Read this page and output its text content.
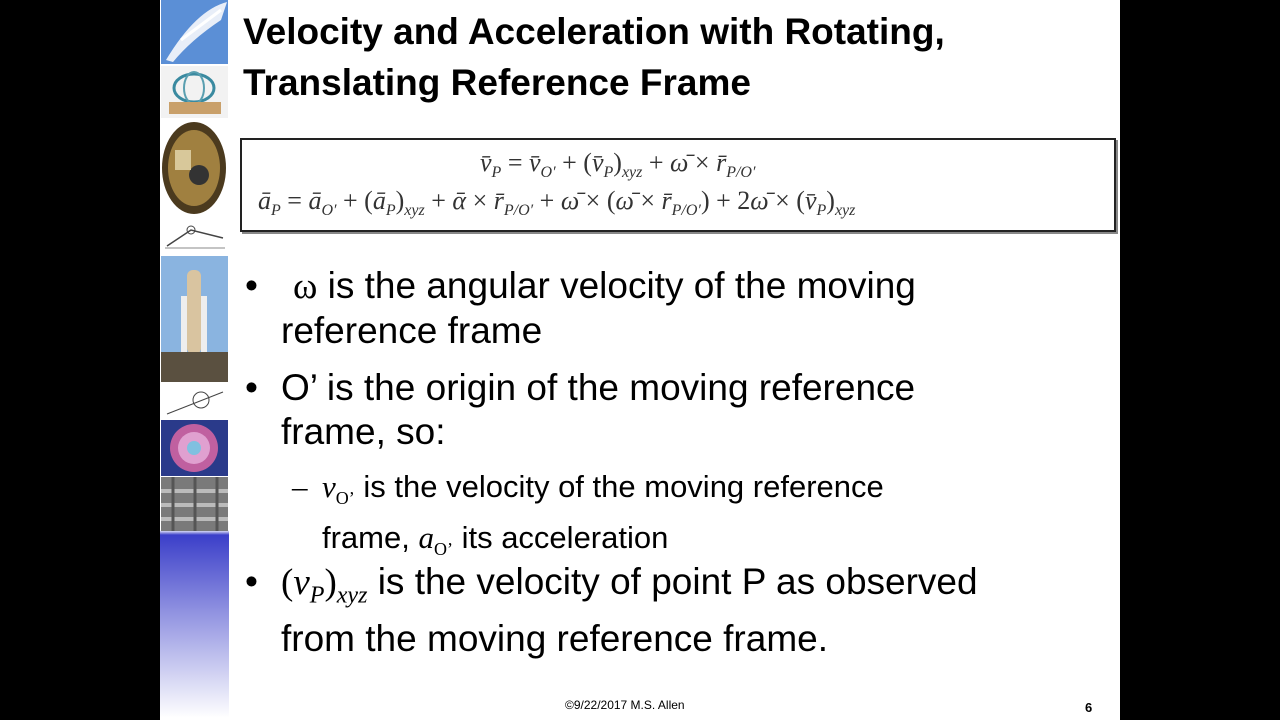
Velocity and Acceleration with Rotating,
Translating Reference Frame
$v̄_P$ = $v̄_{O'}$ + $(v̄_P)_{xyz}$ + ω̄ × $r̄_{P/O'}$
$ā_P$ = $ā_{O'}$ + $(ā_P)_{xyz}$ + ᾱ × $r̄_{P/O'}$ + ω̄ × (ω̄ × $r̄_{P/O'}$) + 2ω̄ × $(v̄_P)_{xyz}$
• ω is the angular velocity of the moving
reference frame
• O’ is the origin of the moving reference
frame, so:
– $v_{O’}$ is the velocity of the moving reference
frame, $a_{O’}$ its acceleration
• $(v_P)_{xyz}$ is the velocity of point P as observed
from the moving reference frame.
©9/22/2017 M.S. Allen	6
